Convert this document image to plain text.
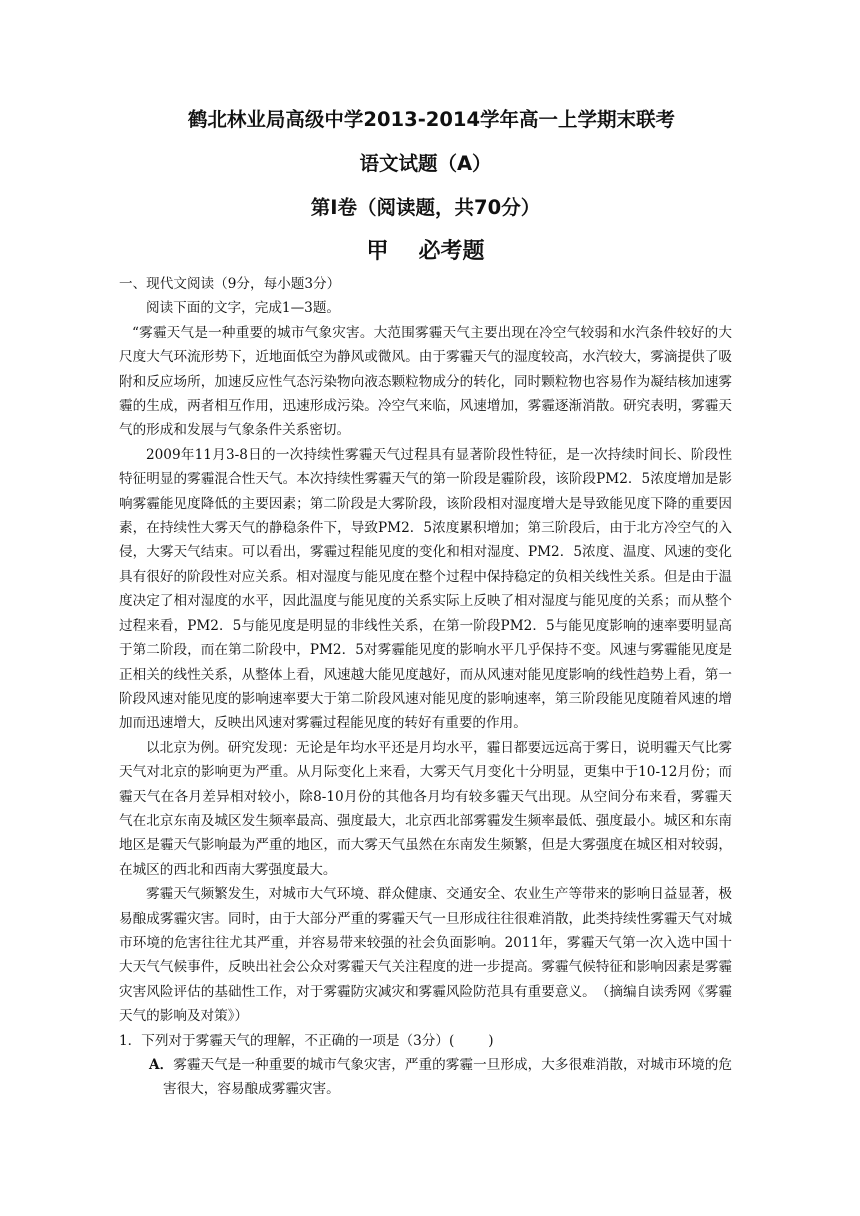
鹤北林业局高级中学2013-2014学年高一上学期末联考

语文试题（A）

第Ⅰ卷（阅读题，共70分）

甲 必考题

一、现代文阅读（9分，每小题3分）

阅读下面的文字，完成1—3题。

“雾霾天气是一种重要的城市气象灾害。大范围雾霾天气主要出现在冷空气较弱和水汽条件较好的大尺度大气环流形势下，近地面低空为静风或微风。由于雾霾天气的湿度较高，水汽较大，雾滴提供了吸附和反应场所，加速反应性气态污染物向液态颗粒物成分的转化，同时颗粒物也容易作为凝结核加速雾霾的生成，两者相互作用，迅速形成污染。冷空气来临，风速增加，雾霾逐渐消散。研究表明，雾霾天气的形成和发展与气象条件关系密切。

2009年11月3-8日的一次持续性雾霾天气过程具有显著阶段性特征，是一次持续时间长、阶段性特征明显的雾霾混合性天气。本次持续性雾霾天气的第一阶段是霾阶段，该阶段PM2．5浓度增加是影响雾霾能见度降低的主要因素；第二阶段是大雾阶段，该阶段相对湿度增大是导致能见度下降的重要因素，在持续性大雾天气的静稳条件下，导致PM2．5浓度累积增加；第三阶段后，由于北方冷空气的入侵，大雾天气结束。可以看出，雾霾过程能见度的变化和相对湿度、PM2．5浓度、温度、风速的变化具有很好的阶段性对应关系。相对湿度与能见度在整个过程中保持稳定的负相关线性关系。但是由于温度决定了相对湿度的水平，因此温度与能见度的关系实际上反映了相对湿度与能见度的关系；而从整个过程来看，PM2．5与能见度是明显的非线性关系，在第一阶段PM2．5与能见度影响的速率要明显高于第二阶段，而在第二阶段中，PM2．5对雾霾能见度的影响水平几乎保持不变。风速与雾霾能见度是正相关的线性关系，从整体上看，风速越大能见度越好，而从风速对能见度影响的线性趋势上看，第一阶段风速对能见度的影响速率要大于第二阶段风速对能见度的影响速率，第三阶段能见度随着风速的增加而迅速增大，反映出风速对雾霾过程能见度的转好有重要的作用。

以北京为例。研究发现：无论是年均水平还是月均水平，霾日都要远远高于雾日，说明霾天气比雾天气对北京的影响更为严重。从月际变化上来看，大雾天气月变化十分明显，更集中于10-12月份；而霾天气在各月差异相对较小，除8-10月份的其他各月均有较多霾天气出现。从空间分布来看，雾霾天气在北京东南及城区发生频率最高、强度最大，北京西北部雾霾发生频率最低、强度最小。城区和东南地区是霾天气影响最为严重的地区，而大雾天气虽然在东南发生频繁，但是大雾强度在城区相对较弱，在城区的西北和西南大雾强度最大。

雾霾天气频繁发生，对城市大气环境、群众健康、交通安全、农业生产等带来的影响日益显著，极易酿成雾霾灾害。同时，由于大部分严重的雾霾天气一旦形成往往很难消散，此类持续性雾霾天气对城市环境的危害往往尤其严重，并容易带来较强的社会负面影响。2011年，雾霾天气第一次入选中国十大天气气候事件，反映出社会公众对雾霾天气关注程度的进一步提高。雾霾气候特征和影响因素是雾霾灾害风险评估的基础性工作，对于雾霾防灾减灾和雾霾风险防范具有重要意义。　（摘编自读秀网《雾霾天气的影响及对策》）

1．下列对于雾霾天气的理解，不正确的一项是（3分）(	)

A．雾霾天气是一种重要的城市气象灾害，严重的雾霾一旦形成，大多很难消散，对城市环境的危害很大，容易酿成雾霾灾害。
